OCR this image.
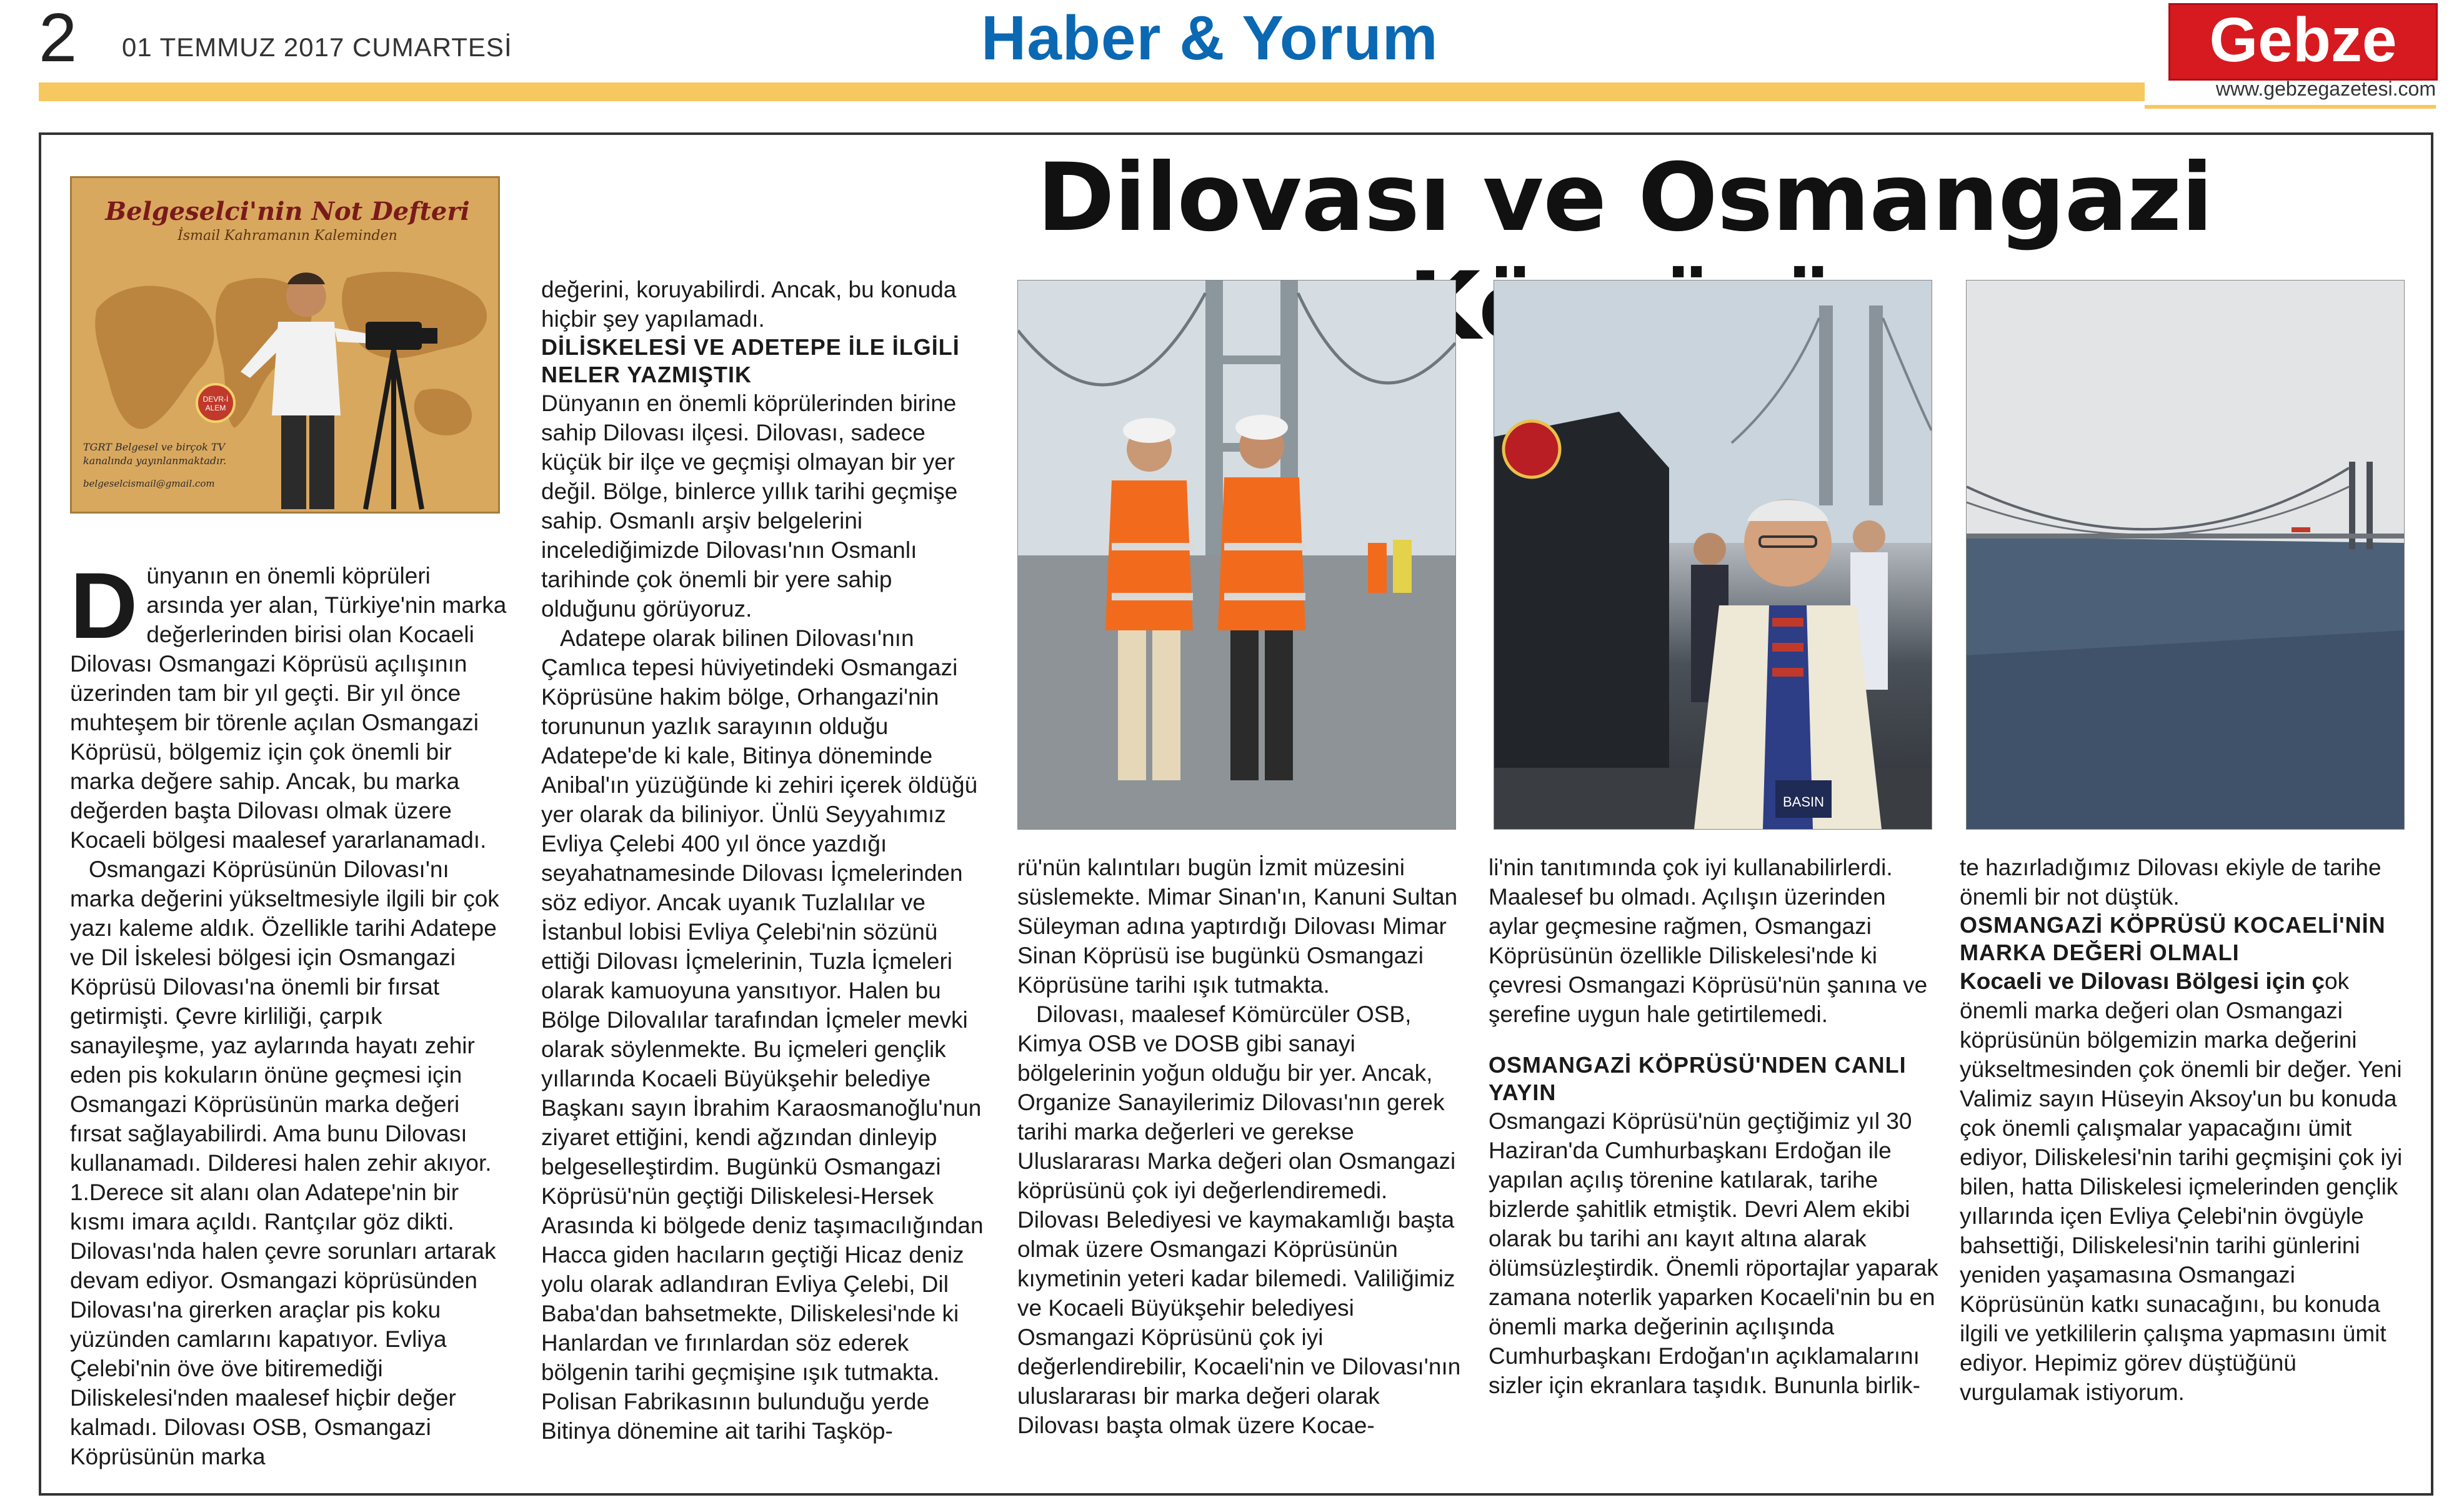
2 01 TEMMUZ 2017 CUMARTESİ	Haber & Yorum	Gebze
www.gebzegazetesi.com
Dilovası ve Osmangazi
DEVR-İ
ALEM
Belgeselci'nin Not Defteri
İsmail Kahramanın Kaleminden
TGRT Belgesel ve birçok TV kanalında yayınlanmaktadır.
belgeselcismail@gmail.com

Dünyanın en önemli köprüleri arsında yer alan, Türkiye'nin marka değerlerinden birisi olan Kocaeli Dilovası Osmangazi Köprüsü açılışının üzerinden tam bir yıl geçti. Bir yıl önce muhteşem bir törenle açılan Osmangazi Köprüsü, bölgemiz için çok önemli bir marka değere sahip. Ancak, bu marka değerden başta Dilovası olmak üzere Kocaeli bölgesi maalesef yararlanamadı.

Osmangazi Köprüsünün Dilovası'nı marka değerini yükseltmesiyle ilgili bir çok yazı kaleme aldık. Özellikle tarihi Adatepe ve Dil İskelesi bölgesi için Osmangazi Köprüsü Dilovası'na önemli bir fırsat getirmişti. Çevre kirliliği, çarpık sanayileşme, yaz aylarında hayatı zehir eden pis kokuların önüne geçmesi için Osmangazi Köprüsünün marka değeri fırsat sağlayabilirdi. Ama bunu Dilovası kullanamadı. Dilderesi halen zehir akıyor. 1.Derece sit alanı olan Adatepe'nin bir kısmı imara açıldı. Rantçılar göz dikti. Dilovası'nda halen çevre sorunları artarak devam ediyor. Osmangazi köprüsünden Dilovası'na girerken araçlar pis koku yüzünden camlarını kapatıyor. Evliya Çelebi'nin öve öve bitiremediği Diliskelesi'nden maalesef hiçbir değer kalmadı. Dilovası OSB, Osmangazi Köprüsünün marka

değerini, koruyabilirdi. Ancak, bu konuda hiçbir şey yapılamadı.

DİLİSKELESİ VE ADETEPE İLE İLGİLİ NELER YAZMIŞTIK

Dünyanın en önemli köprülerinden birine sahip Dilovası ilçesi. Dilovası, sadece küçük bir ilçe ve geçmişi olmayan bir yer değil. Bölge, binlerce yıllık tarihi geçmişe sahip. Osmanlı arşiv belgelerini incelediğimizde Dilovası'nın Osmanlı tarihinde çok önemli bir yere sahip olduğunu görüyoruz.

Adatepe olarak bilinen Dilovası'nın Çamlıca tepesi hüviyetindeki Osmangazi Köprüsüne hakim bölge, Orhangazi'nin torununun yazlık sarayının olduğu Adatepe'de ki kale, Bitinya döneminde Anibal'ın yüzüğünde ki zehiri içerek öldüğü yer olarak da biliniyor. Ünlü Seyyahımız Evliya Çelebi 400 yıl önce yazdığı seyahatnamesinde Dilovası İçmelerinden söz ediyor. Ancak uyanık Tuzlalılar ve İstanbul lobisi Evliya Çelebi'nin sözünü ettiği Dilovası İçmelerinin, Tuzla İçmeleri olarak kamuoyuna yansıtıyor. Halen bu Bölge Dilovalılar tarafından İçmeler mevki olarak söylenmekte. Bu içmeleri gençlik yıllarında Kocaeli Büyükşehir belediye Başkanı sayın İbrahim Karaosmanoğlu'nun ziyaret ettiğini, kendi ağzından dinleyip belgeselleştirdim. Bugünkü Osmangazi Köprüsü'nün geçtiği Diliskelesi-Hersek Arasında ki bölgede deniz taşımacılığından Hacca giden hacıların geçtiği Hicaz deniz yolu olarak adlandıran Evliya Çelebi, Dil Baba'dan bahsetmekte, Diliskelesi'nde ki Hanlardan ve fırınlardan söz ederek bölgenin tarihi geçmişine ışık tutmakta. Polisan Fabrikasının bulunduğu yerde Bitinya dönemine ait tarihi Taşköp-

BASIN

rü'nün kalıntıları bugün İzmit müzesini süslemekte. Mimar Sinan'ın, Kanuni Sultan Süleyman adına yaptırdığı Dilovası Mimar Sinan Köprüsü ise bugünkü Osmangazi Köprüsüne tarihi ışık tutmakta.

Dilovası, maalesef Kömürcüler OSB, Kimya OSB ve DOSB gibi sanayi bölgelerinin yoğun olduğu bir yer. Ancak, Organize Sanayilerimiz Dilovası'nın gerek tarihi marka değerleri ve gerekse Uluslararası Marka değeri olan Osmangazi köprüsünü çok iyi değerlendiremedi. Dilovası Belediyesi ve kaymakamlığı başta olmak üzere Osmangazi Köprüsünün kıymetinin yeteri kadar bilemedi. Valiliğimiz ve Kocaeli Büyükşehir belediyesi Osmangazi Köprüsünü çok iyi değerlendirebilir, Kocaeli'nin ve Dilovası'nın uluslararası bir marka değeri olarak Dilovası başta olmak üzere Kocae-

li'nin tanıtımında çok iyi kullanabilirlerdi. Maalesef bu olmadı. Açılışın üzerinden aylar geçmesine rağmen, Osmangazi Köprüsünün özellikle Diliskelesi'nde ki çevresi Osmangazi Köprüsü'nün şanına ve şerefine uygun hale getirtilemedi.

OSMANGAZİ KÖPRÜSÜ'NDEN CANLI YAYIN

Osmangazi Köprüsü'nün geçtiğimiz yıl 30 Haziran'da Cumhurbaşkanı Erdoğan ile yapılan açılış törenine katılarak, tarihe bizlerde şahitlik etmiştik. Devri Alem ekibi olarak bu tarihi anı kayıt altına alarak ölümsüzleştirdik. Önemli röportajlar yaparak zamana noterlik yaparken Kocaeli'nin bu en önemli marka değerinin açılışında Cumhurbaşkanı Erdoğan'ın açıklamalarını sizler için ekranlara taşıdık. Bununla birlik-

te hazırladığımız Dilovası ekiyle de tarihe önemli bir not düştük.

OSMANGAZİ KÖPRÜSÜ KOCAELİ'NİN MARKA DEĞERİ OLMALI

Kocaeli ve Dilovası Bölgesi için çok önemli marka değeri olan Osmangazi köprüsünün bölgemizin marka değerini yükseltmesinden çok önemli bir değer. Yeni Valimiz sayın Hüseyin Aksoy'un bu konuda çok önemli çalışmalar yapacağını ümit ediyor, Diliskelesi'nin tarihi geçmişini çok iyi bilen, hatta Diliskelesi içmelerinden gençlik yıllarında içen Evliya Çelebi'nin övgüyle bahsettiği, Diliskelesi'nin tarihi günlerini yeniden yaşamasına Osmangazi Köprüsünün katkı sunacağını, bu konuda ilgili ve yetkililerin çalışma yapmasını ümit ediyor. Hepimiz görev düştüğünü vurgulamak istiyorum.
